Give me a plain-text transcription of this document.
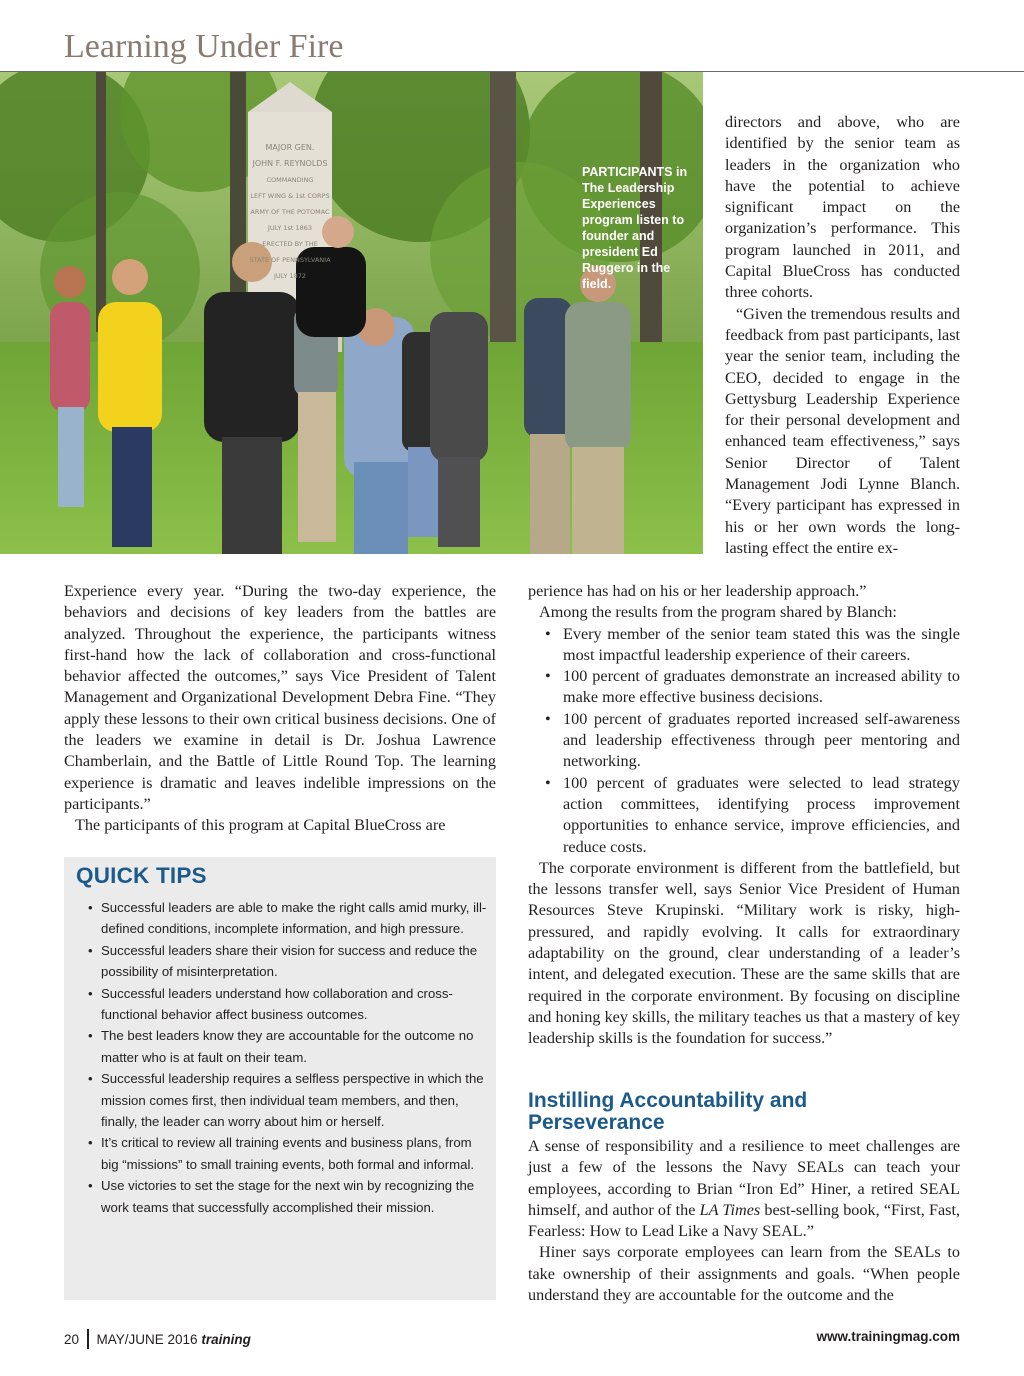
Learning Under Fire
MAJOR GEN.
JOHN F. REYNOLDS
COMMANDING
LEFT WING & 1st CORPS
ARMY OF THE POTOMAC
JULY 1st 1863
ERECTED BY THE
STATE OF PENNSYLVANIA
JULY 1872
PARTICIPANTS in The Leadership Experiences program listen to founder and president Ed Ruggero in the field.

directors and above, who are identified by the senior team as leaders in the organization who have the potential to achieve significant impact on the organization’s performance. This program launched in 2011, and Capital BlueCross has conducted three cohorts.

“Given the tremendous results and feedback from past participants, last year the senior team, including the CEO, decided to engage in the Gettysburg Leadership Experience for their personal development and enhanced team effectiveness,” says Senior Director of Talent Management Jodi Lynne Blanch. “Every participant has expressed in his or her own words the long-lasting effect the entire ex-

Experience every year. “During the two-day experience, the behaviors and decisions of key leaders from the battles are analyzed. Throughout the experience, the participants witness first-hand how the lack of collaboration and cross-functional behavior affected the outcomes,” says Vice President of Talent Management and Organizational Development Debra Fine. “They apply these lessons to their own critical business decisions. One of the leaders we examine in detail is Dr. Joshua Lawrence Chamberlain, and the Battle of Little Round Top. The learning experience is dramatic and leaves indelible impressions on the participants.”

The participants of this program at Capital BlueCross are

QUICK TIPS
• Successful leaders are able to make the right calls amid murky, ill-defined conditions, incomplete information, and high pressure.
• Successful leaders share their vision for success and reduce the possibility of misinterpretation.
• Successful leaders understand how collaboration and cross-functional behavior affect business outcomes.
• The best leaders know they are accountable for the outcome no matter who is at fault on their team.
• Successful leadership requires a selfless perspective in which the mission comes first, then individual team members, and then, finally, the leader can worry about him or herself.
• It’s critical to review all training events and business plans, from big “missions” to small training events, both formal and informal.
• Use victories to set the stage for the next win by recognizing the work teams that successfully accomplished their mission.

perience has had on his or her leadership approach.”

Among the results from the program shared by Blanch:

• Every member of the senior team stated this was the single most impactful leadership experience of their careers.
• 100 percent of graduates demonstrate an increased ability to make more effective business decisions.
• 100 percent of graduates reported increased self-awareness and leadership effectiveness through peer mentoring and networking.
• 100 percent of graduates were selected to lead strategy action committees, identifying process improvement opportunities to enhance service, improve efficiencies, and reduce costs.

The corporate environment is different from the battlefield, but the lessons transfer well, says Senior Vice President of Human Resources Steve Krupinski. “Military work is risky, high-pressured, and rapidly evolving. It calls for extraordinary adaptability on the ground, clear understanding of a leader’s intent, and delegated execution. These are the same skills that are required in the corporate environment. By focusing on discipline and honing key skills, the military teaches us that a mastery of key leadership skills is the foundation for success.”

Instilling Accountability and Perseverance

A sense of responsibility and a resilience to meet challenges are just a few of the lessons the Navy SEALs can teach your employees, according to Brian “Iron Ed” Hiner, a retired SEAL himself, and author of the LA Times best-selling book, “First, Fast, Fearless: How to Lead Like a Navy SEAL.”

Hiner says corporate employees can learn from the SEALs to take ownership of their assignments and goals. “When people understand they are accountable for the outcome and the

20 MAY/JUNE 2016 training	www.trainingmag.com
